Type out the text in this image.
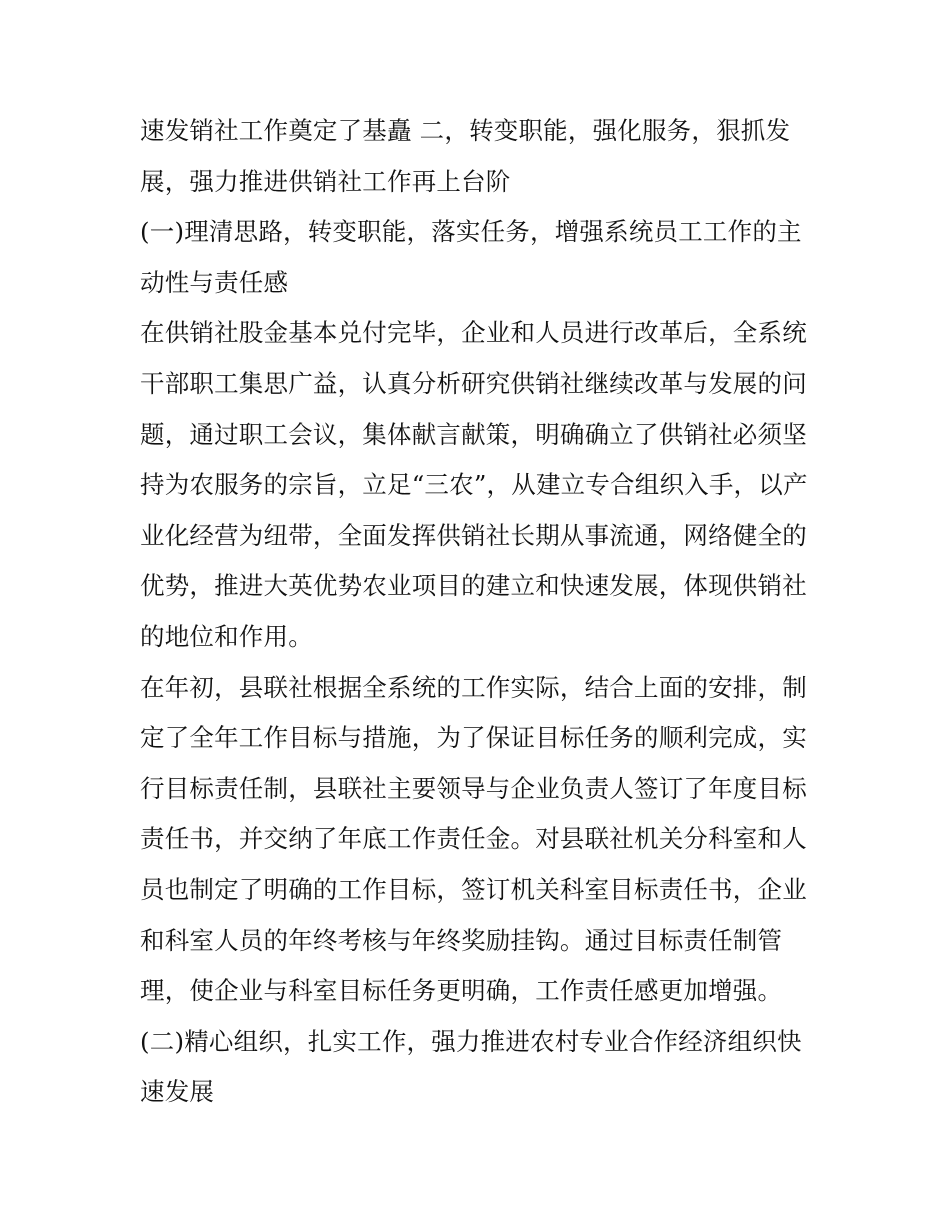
速发销社工作奠定了基矗 二，转变职能，强化服务，狠抓发展，强力推进供销社工作再上台阶

(一)理清思路，转变职能，落实任务，增强系统员工工作的主动性与责任感

在供销社股金基本兑付完毕，企业和人员进行改革后，全系统干部职工集思广益，认真分析研究供销社继续改革与发展的问题，通过职工会议，集体献言献策，明确确立了供销社必须坚持为农服务的宗旨，立足“三农”，从建立专合组织入手，以产业化经营为纽带，全面发挥供销社长期从事流通，网络健全的优势，推进大英优势农业项目的建立和快速发展，体现供销社的地位和作用。

在年初，县联社根据全系统的工作实际，结合上面的安排，制定了全年工作目标与措施，为了保证目标任务的顺利完成，实行目标责任制，县联社主要领导与企业负责人签订了年度目标责任书，并交纳了年底工作责任金。对县联社机关分科室和人员也制定了明确的工作目标，签订机关科室目标责任书，企业和科室人员的年终考核与年终奖励挂钩。通过目标责任制管理，使企业与科室目标任务更明确，工作责任感更加增强。

(二)精心组织，扎实工作，强力推进农村专业合作经济组织快速发展
